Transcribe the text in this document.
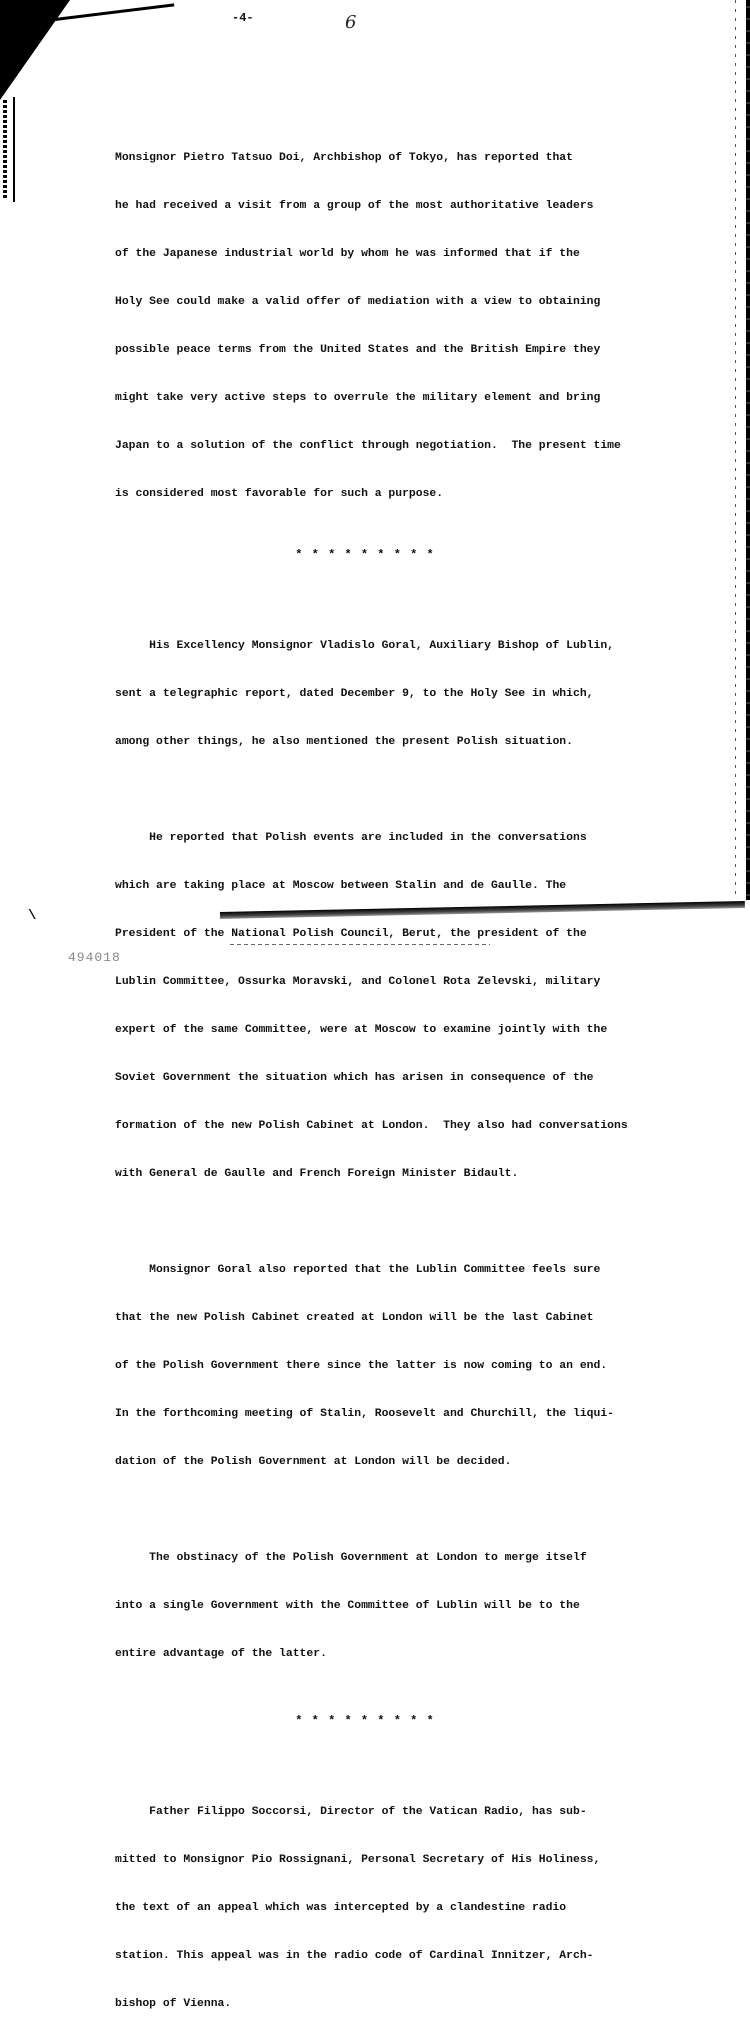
-4-	6

Monsignor Pietro Tatsuo Doi, Archbishop of Tokyo, has reported that

he had received a visit from a group of the most authoritative leaders

of the Japanese industrial world by whom he was informed that if the

Holy See could make a valid offer of mediation with a view to obtaining

possible peace terms from the United States and the British Empire they

might take very active steps to overrule the military element and bring

Japan to a solution of the conflict through negotiation.  The present time

is considered most favorable for such a purpose.

* * * * * * * * *

His Excellency Monsignor Vladislo Goral, Auxiliary Bishop of Lublin,

sent a telegraphic report, dated December 9, to the Holy See in which,

among other things, he also mentioned the present Polish situation.

He reported that Polish events are included in the conversations

which are taking place at Moscow between Stalin and de Gaulle. The

President of the National Polish Council, Berut, the president of the

Lublin Committee, Ossurka Moravski, and Colonel Rota Zelevski, military

expert of the same Committee, were at Moscow to examine jointly with the

Soviet Government the situation which has arisen in consequence of the

formation of the new Polish Cabinet at London.  They also had conversations

with General de Gaulle and French Foreign Minister Bidault.

Monsignor Goral also reported that the Lublin Committee feels sure

that the new Polish Cabinet created at London will be the last Cabinet

of the Polish Government there since the latter is now coming to an end.

In the forthcoming meeting of Stalin, Roosevelt and Churchill, the liqui-

dation of the Polish Government at London will be decided.

The obstinacy of the Polish Government at London to merge itself

into a single Government with the Committee of Lublin will be to the

entire advantage of the latter.

* * * * * * * * *

Father Filippo Soccorsi, Director of the Vatican Radio, has sub-

mitted to Monsignor Pio Rossignani, Personal Secretary of His Holiness,

the text of an appeal which was intercepted by a clandestine radio

station. This appeal was in the radio code of Cardinal Innitzer, Arch-

bishop of Vienna.

\
494018
